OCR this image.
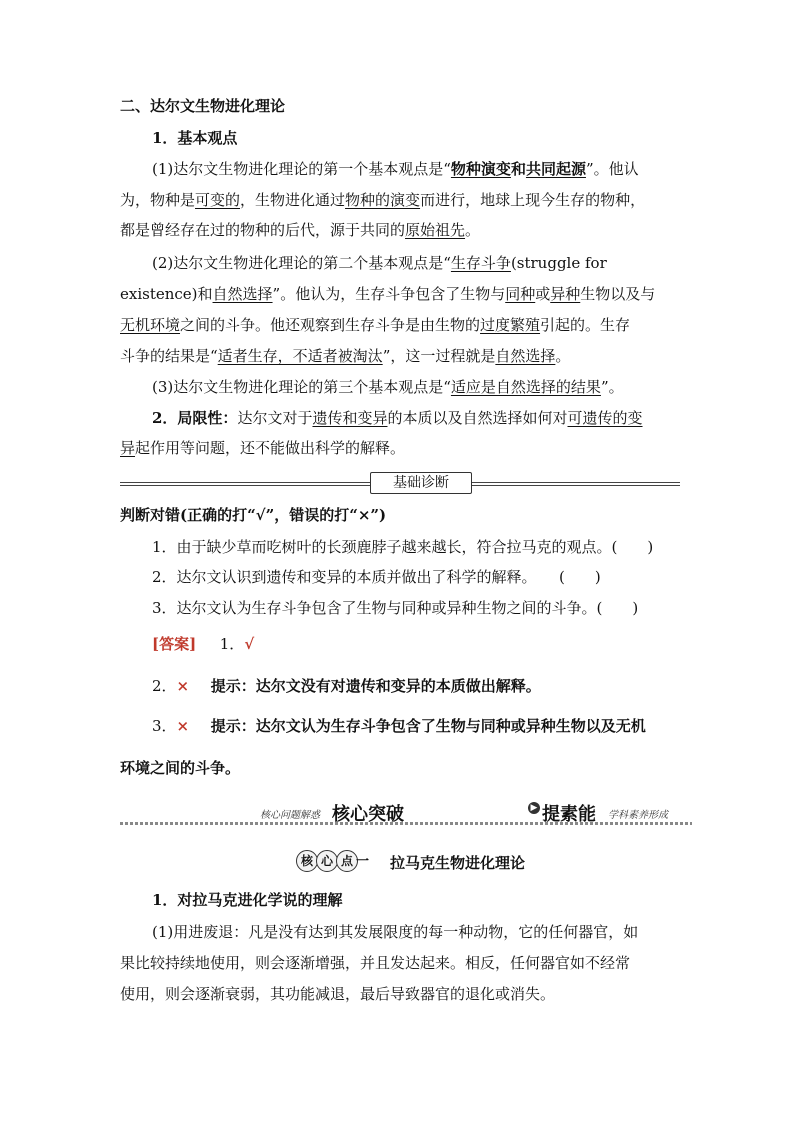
二、达尔文生物进化理论
1．基本观点
(1)达尔文生物进化理论的第一个基本观点是“物种演变和共同起源”。他认
为，物种是可变的，生物进化通过物种的演变而进行，地球上现今生存的物种，
都是曾经存在过的物种的后代，源于共同的原始祖先。
(2)达尔文生物进化理论的第二个基本观点是“生存斗争(struggle for
existence)和自然选择”。他认为，生存斗争包含了生物与同种或异种生物以及与
无机环境之间的斗争。他还观察到生存斗争是由生物的过度繁殖引起的。生存
斗争的结果是“适者生存，不适者被淘汰”，这一过程就是自然选择。
(3)达尔文生物进化理论的第三个基本观点是“适应是自然选择的结果”。
2．局限性：达尔文对于遗传和变异的本质以及自然选择如何对可遗传的变
异起作用等问题，还不能做出科学的解释。
基础诊断
判断对错(正确的打“√”，错误的打“×”)
1．由于缺少草而吃树叶的长颈鹿脖子越来越长，符合拉马克的观点。(　　)
2．达尔文认识到遗传和变异的本质并做出了科学的解释。　　(　　)
3．达尔文认为生存斗争包含了生物与同种或异种生物之间的斗争。(　　)
[答案] 1．√
2．× 提示：达尔文没有对遗传和变异的本质做出解释。
3．× 提示：达尔文认为生存斗争包含了生物与同种或异种生物以及无机
环境之间的斗争。
核心问题解惑 核心突破	▶ 提素能 学科素养形成
核 心 点 一	拉马克生物进化理论
1．对拉马克进化学说的理解
(1)用进废退：凡是没有达到其发展限度的每一种动物，它的任何器官，如
果比较持续地使用，则会逐渐增强，并且发达起来。相反，任何器官如不经常
使用，则会逐渐衰弱，其功能减退，最后导致器官的退化或消失。
